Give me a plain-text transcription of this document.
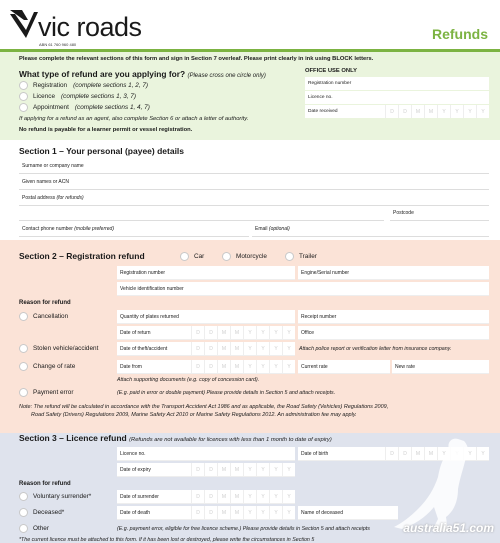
vic roads
ABN 61 760 960 480
Refunds
Please complete the relevant sections of this form and sign in Section 7 overleaf. Please print clearly in ink using BLOCK letters.
What type of refund are you applying for? (Please cross one circle only)
Registration (complete sections 1, 2, 7)
Licence (complete sections 1, 3, 7)
Appointment (complete sections 1, 4, 7)
If applying for a refund as an agent, also complete Section 6 or attach a letter of authority.
No refund is payable for a learner permit or vessel registration.
OFFICE USE ONLY
Registration number
Licence no.
Date received	D	D	M	M	Y	Y	Y	Y
Section 1 – Your personal (payee) details
Surname or company name
Given names or ACN
Postal address (for refunds)
Postcode
Contact phone number (mobile preferred)	Email (optional)
Section 2 – Registration refund	Car	Motorcycle	Trailer
Registration number	Engine/Serial number
Vehicle identification number
Reason for refund
Cancellation	Quantity of plates returned	Receipt number
Date of return	D	D	M	M	Y	Y	Y	Y	Office
Stolen vehicle/accident	Date of theft/accident	D	D	M	M	Y	Y	Y	Y	Attach police report or verification letter from insurance company.
Change of rate	Date from	D	D	M	M	Y	Y	Y	Y	Current rate	New rate
Attach supporting documents (e.g. copy of concession card).
Payment error	(E.g. paid in error or double payment) Please provide details in Section 5 and attach receipts.
Note: The refund will be calculated in accordance with the Transport Accident Act 1986 and as applicable, the Road Safety (Vehicles) Regulations 2009,
Road Safety (Drivers) Regulations 2009, Marine Safety Act 2010 or Marine Safety Regulations 2012. An administration fee may apply.
Section 3 – Licence refund (Refunds are not available for licences with less than 1 month to date of expiry)
Licence no.	Date of birth	D	D	M	M	Y	Y	Y
Date of expiry	D	D	M	M	Y	Y	Y	Y
Reason for refund
Voluntary surrender*	Date of surrender	D	D	M	M	Y	Y	Y	Y
Deceased*	Date of death	D	D	M	M	Y	Y	Y	Y	Name of deceased
Other	(E.g. payment error, eligible for free licence scheme.) Please provide details in Section 5 and attach receipts
*The current licence must be attached to this form. If it has been lost or destroyed, please write the circumstances in Section 5
australia51.com
